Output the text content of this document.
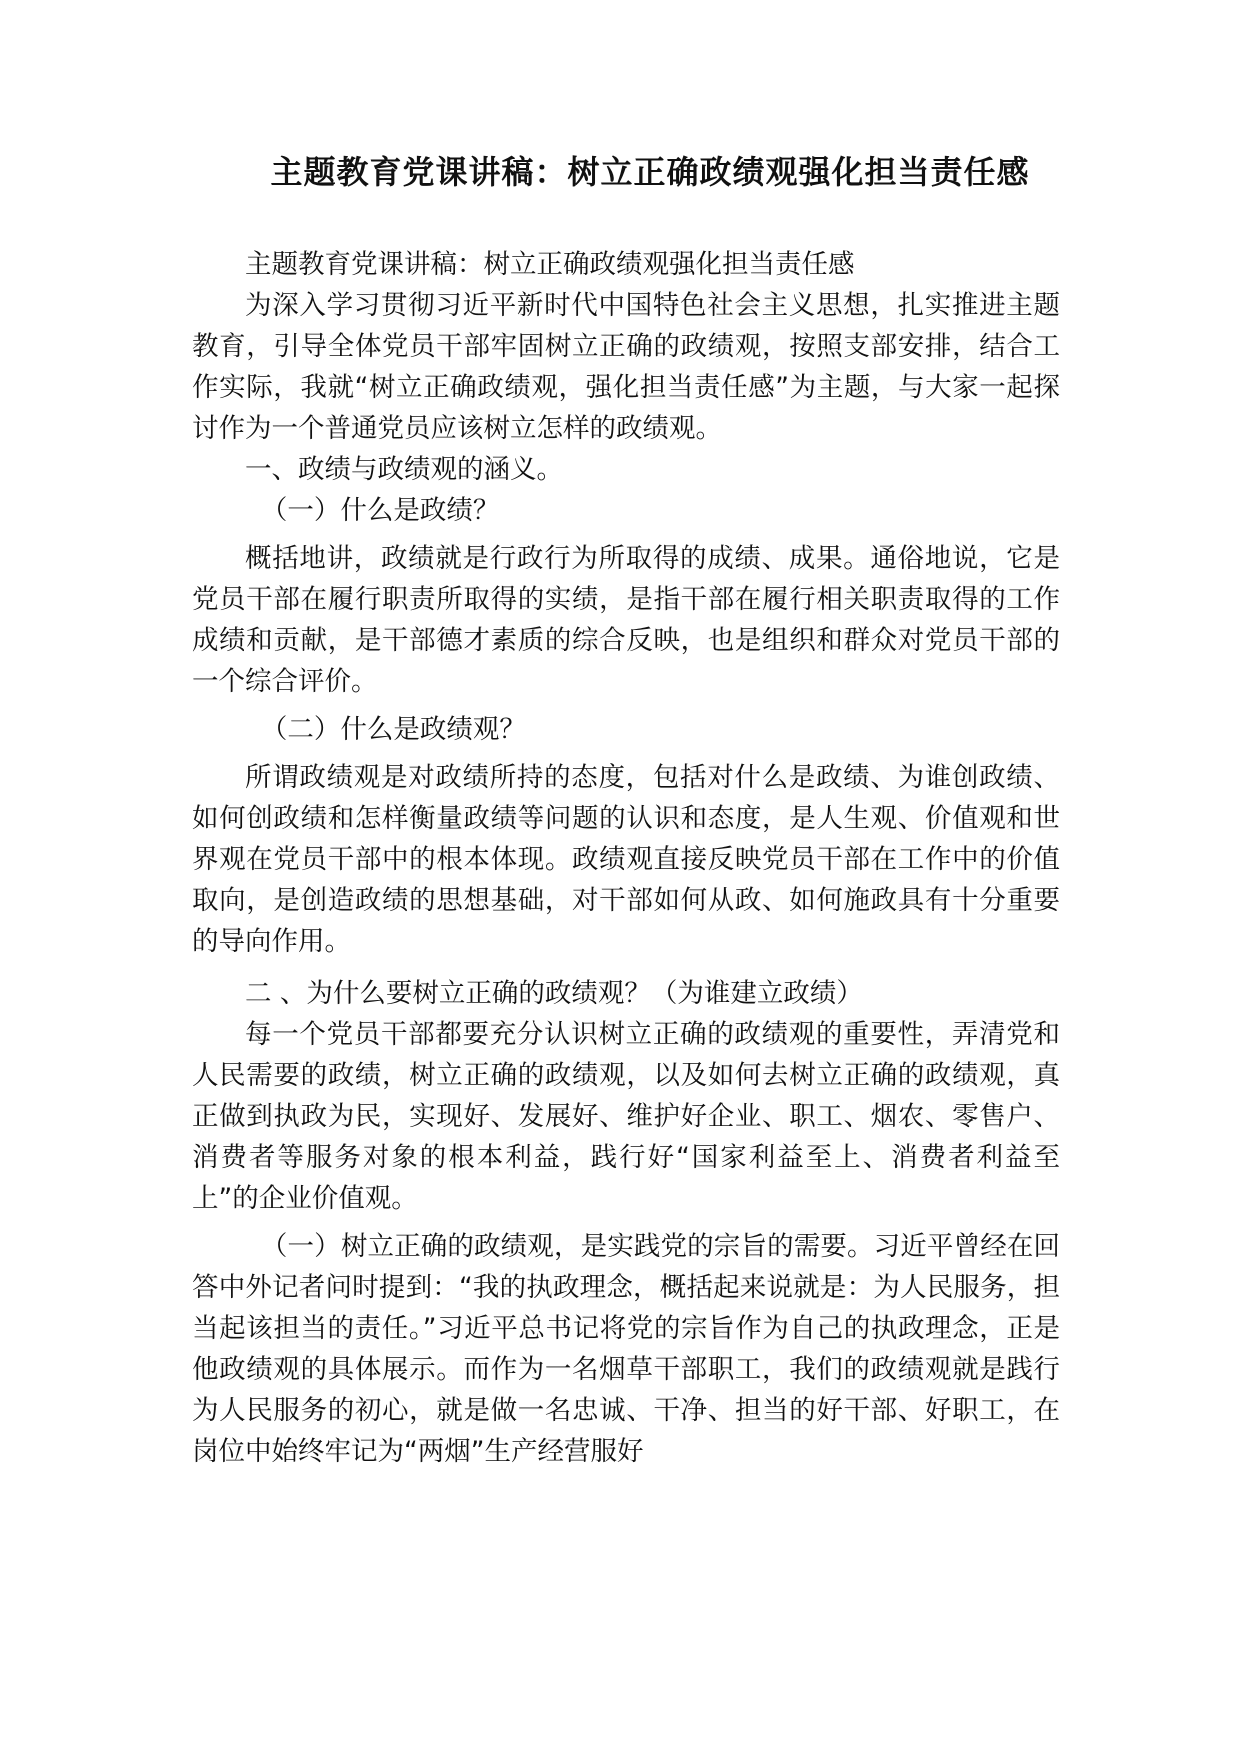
主题教育党课讲稿：树立正确政绩观强化担当责任感

主题教育党课讲稿：树立正确政绩观强化担当责任感

为深入学习贯彻习近平新时代中国特色社会主义思想，扎实推进主题教育，引导全体党员干部牢固树立正确的政绩观，按照支部安排，结合工作实际，我就“树立正确政绩观，强化担当责任感”为主题，与大家一起探讨作为一个普通党员应该树立怎样的政绩观。

一、政绩与政绩观的涵义。

（一）什么是政绩？

概括地讲，政绩就是行政行为所取得的成绩、成果。通俗地说，它是党员干部在履行职责所取得的实绩，是指干部在履行相关职责取得的工作成绩和贡献，是干部德才素质的综合反映，也是组织和群众对党员干部的一个综合评价。

（二）什么是政绩观？

所谓政绩观是对政绩所持的态度，包括对什么是政绩、为谁创政绩、如何创政绩和怎样衡量政绩等问题的认识和态度，是人生观、价值观和世界观在党员干部中的根本体现。政绩观直接反映党员干部在工作中的价值取向，是创造政绩的思想基础，对干部如何从政、如何施政具有十分重要的导向作用。

二 、为什么要树立正确的政绩观？（为谁建立政绩）

每一个党员干部都要充分认识树立正确的政绩观的重要性，弄清党和人民需要的政绩，树立正确的政绩观，以及如何去树立正确的政绩观，真正做到执政为民，实现好、发展好、维护好企业、职工、烟农、零售户、消费者等服务对象的根本利益，践行好“国家利益至上、消费者利益至上”的企业价值观。

（一）树立正确的政绩观，是实践党的宗旨的需要。习近平曾经在回答中外记者问时提到：“我的执政理念，概括起来说就是：为人民服务，担当起该担当的责任。”习近平总书记将党的宗旨作为自己的执政理念，正是他政绩观的具体展示。而作为一名烟草干部职工，我们的政绩观就是践行为人民服务的初心，就是做一名忠诚、干净、担当的好干部、好职工，在岗位中始终牢记为“两烟”生产经营服好
